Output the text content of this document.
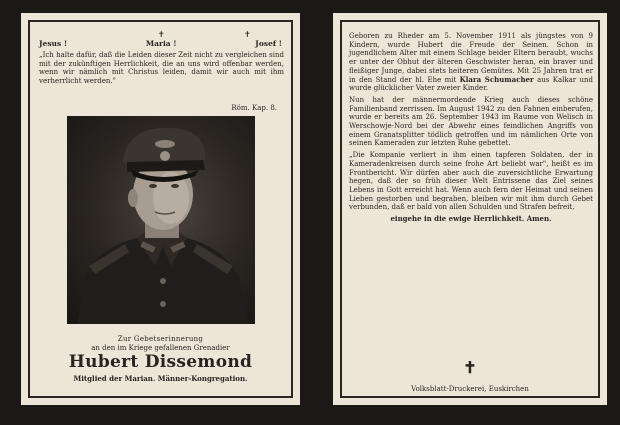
Jesus !
✝
Maria !
✝
Josef !
„Ich halte dafür, daß die Leiden dieser Zeit nicht zu vergleichen sind mit der zukünftigen Herrlichkeit, die an uns wird offenbar werden, wenn wir nämlich mit Christus leiden, damit wir auch mit ihm verherrlicht werden."
Röm. Kap. 8.
Zur Gebetserinnerung
an den im Kriege gefallenen Grenadier
Hubert Dissemond
Mitglied der Marian. Männer-Kongregation.

Geboren zu Rheder am 5. November 1911 als jüngstes von 9 Kindern, wurde Hubert die Freude der Seinen. Schon in jugendlichem Alter mit einem Schlage beider Eltern beraubt, wuchs er unter der Obhut der älteren Geschwister heran, ein braver und fleißiger Junge, dabei stets heiteren Gemütes. Mit 25 Jahren trat er in den Stand der hl. Ehe mit Klara Schumacher aus Kalkar und wurde glücklicher Vater zweier Kinder.

Nun hat der männermordende Krieg auch dieses schöne Familienband zerrissen. Im August 1942 zu den Fahnen einberufen, wurde er bereits am 26. September 1943 im Raume von Welisch in Werschowje-Nord bei der Abwehr eines feindlichen Angriffs von einem Granatsplitter tödlich getroffen und im nämlichen Orte von seinen Kameraden zur letzten Ruhe gebettet.

„Die Kompanie verliert in ihm einen tapferen Soldaten, der in Kameradenkreisen durch seine frohe Art beliebt war", heißt es im Frontbericht. Wir dürfen aber auch die zuversichtliche Erwartung hegen, daß der so früh dieser Welt Entrissene das Ziel seines Lebens in Gott erreicht hat. Wenn auch fern der Heimat und seinen Lieben gestorben und begraben, bleiben wir mit ihm durch Gebet verbunden, daß er bald von allen Schulden und Strafen befreit,

eingehe in die ewige Herrlichkeit. Amen.

✝
Volksblatt-Druckerei, Euskirchen
